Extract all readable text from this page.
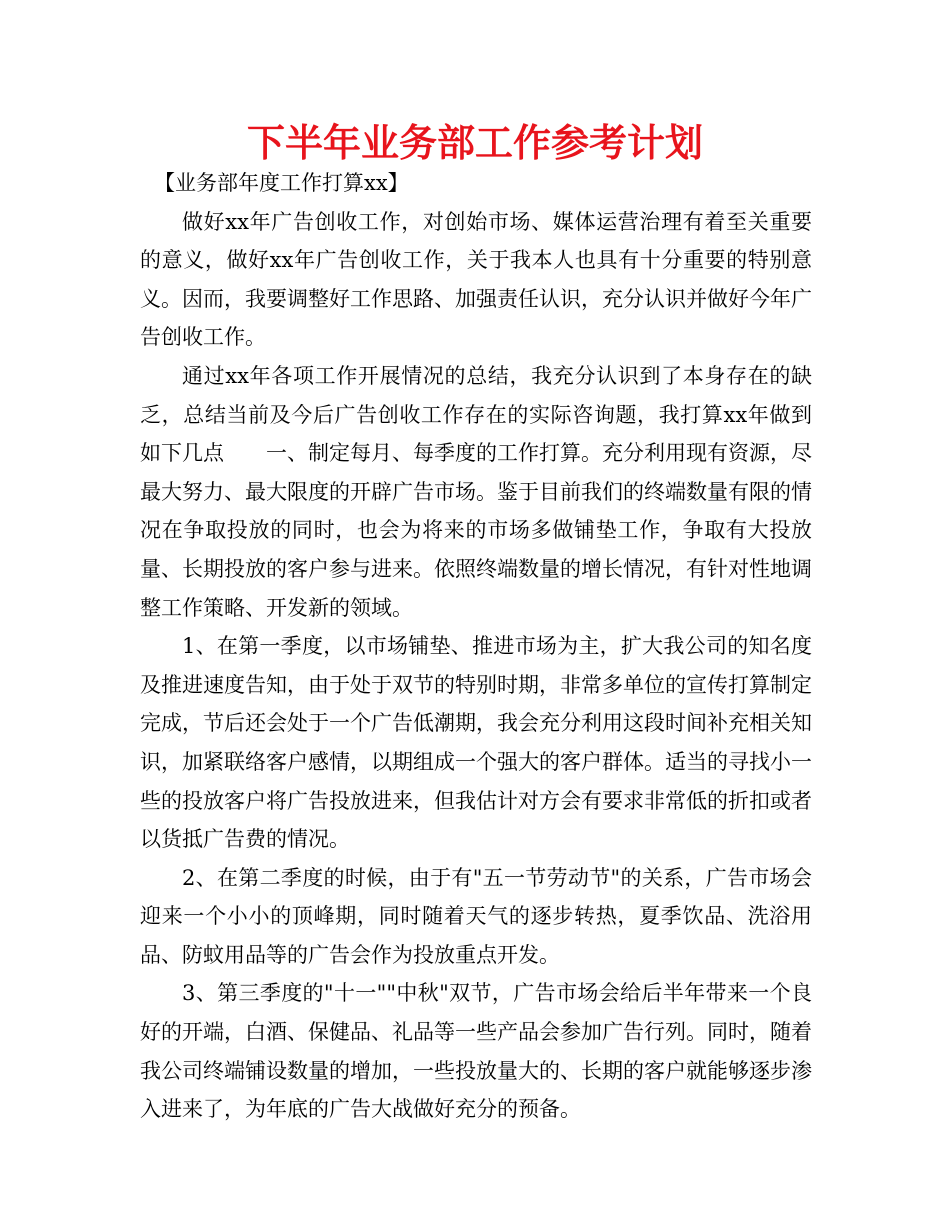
下半年业务部工作参考计划

【业务部年度工作打算xx】

做好xx年广告创收工作，对创始市场、媒体运营治理有着至关重要的意义，做好xx年广告创收工作，关于我本人也具有十分重要的特别意义。因而，我要调整好工作思路、加强责任认识，充分认识并做好今年广告创收工作。

通过xx年各项工作开展情况的总结，我充分认识到了本身存在的缺乏，总结当前及今后广告创收工作存在的实际咨询题，我打算xx年做到如下几点　　一、制定每月、每季度的工作打算。充分利用现有资源，尽最大努力、最大限度的开辟广告市场。鉴于目前我们的终端数量有限的情况在争取投放的同时，也会为将来的市场多做铺垫工作，争取有大投放量、长期投放的客户参与进来。依照终端数量的增长情况，有针对性地调整工作策略、开发新的领域。

1、在第一季度，以市场铺垫、推进市场为主，扩大我公司的知名度及推进速度告知，由于处于双节的特别时期，非常多单位的宣传打算制定完成，节后还会处于一个广告低潮期，我会充分利用这段时间补充相关知识，加紧联络客户感情，以期组成一个强大的客户群体。适当的寻找小一些的投放客户将广告投放进来，但我估计对方会有要求非常低的折扣或者以货抵广告费的情况。

2、在第二季度的时候，由于有"五一节劳动节"的关系，广告市场会迎来一个小小的顶峰期，同时随着天气的逐步转热，夏季饮品、洗浴用品、防蚊用品等的广告会作为投放重点开发。

3、第三季度的"十一""中秋"双节，广告市场会给后半年带来一个良好的开端，白酒、保健品、礼品等一些产品会参加广告行列。同时，随着我公司终端铺设数量的增加，一些投放量大的、长期的客户就能够逐步渗入进来了，为年底的广告大战做好充分的预备。
